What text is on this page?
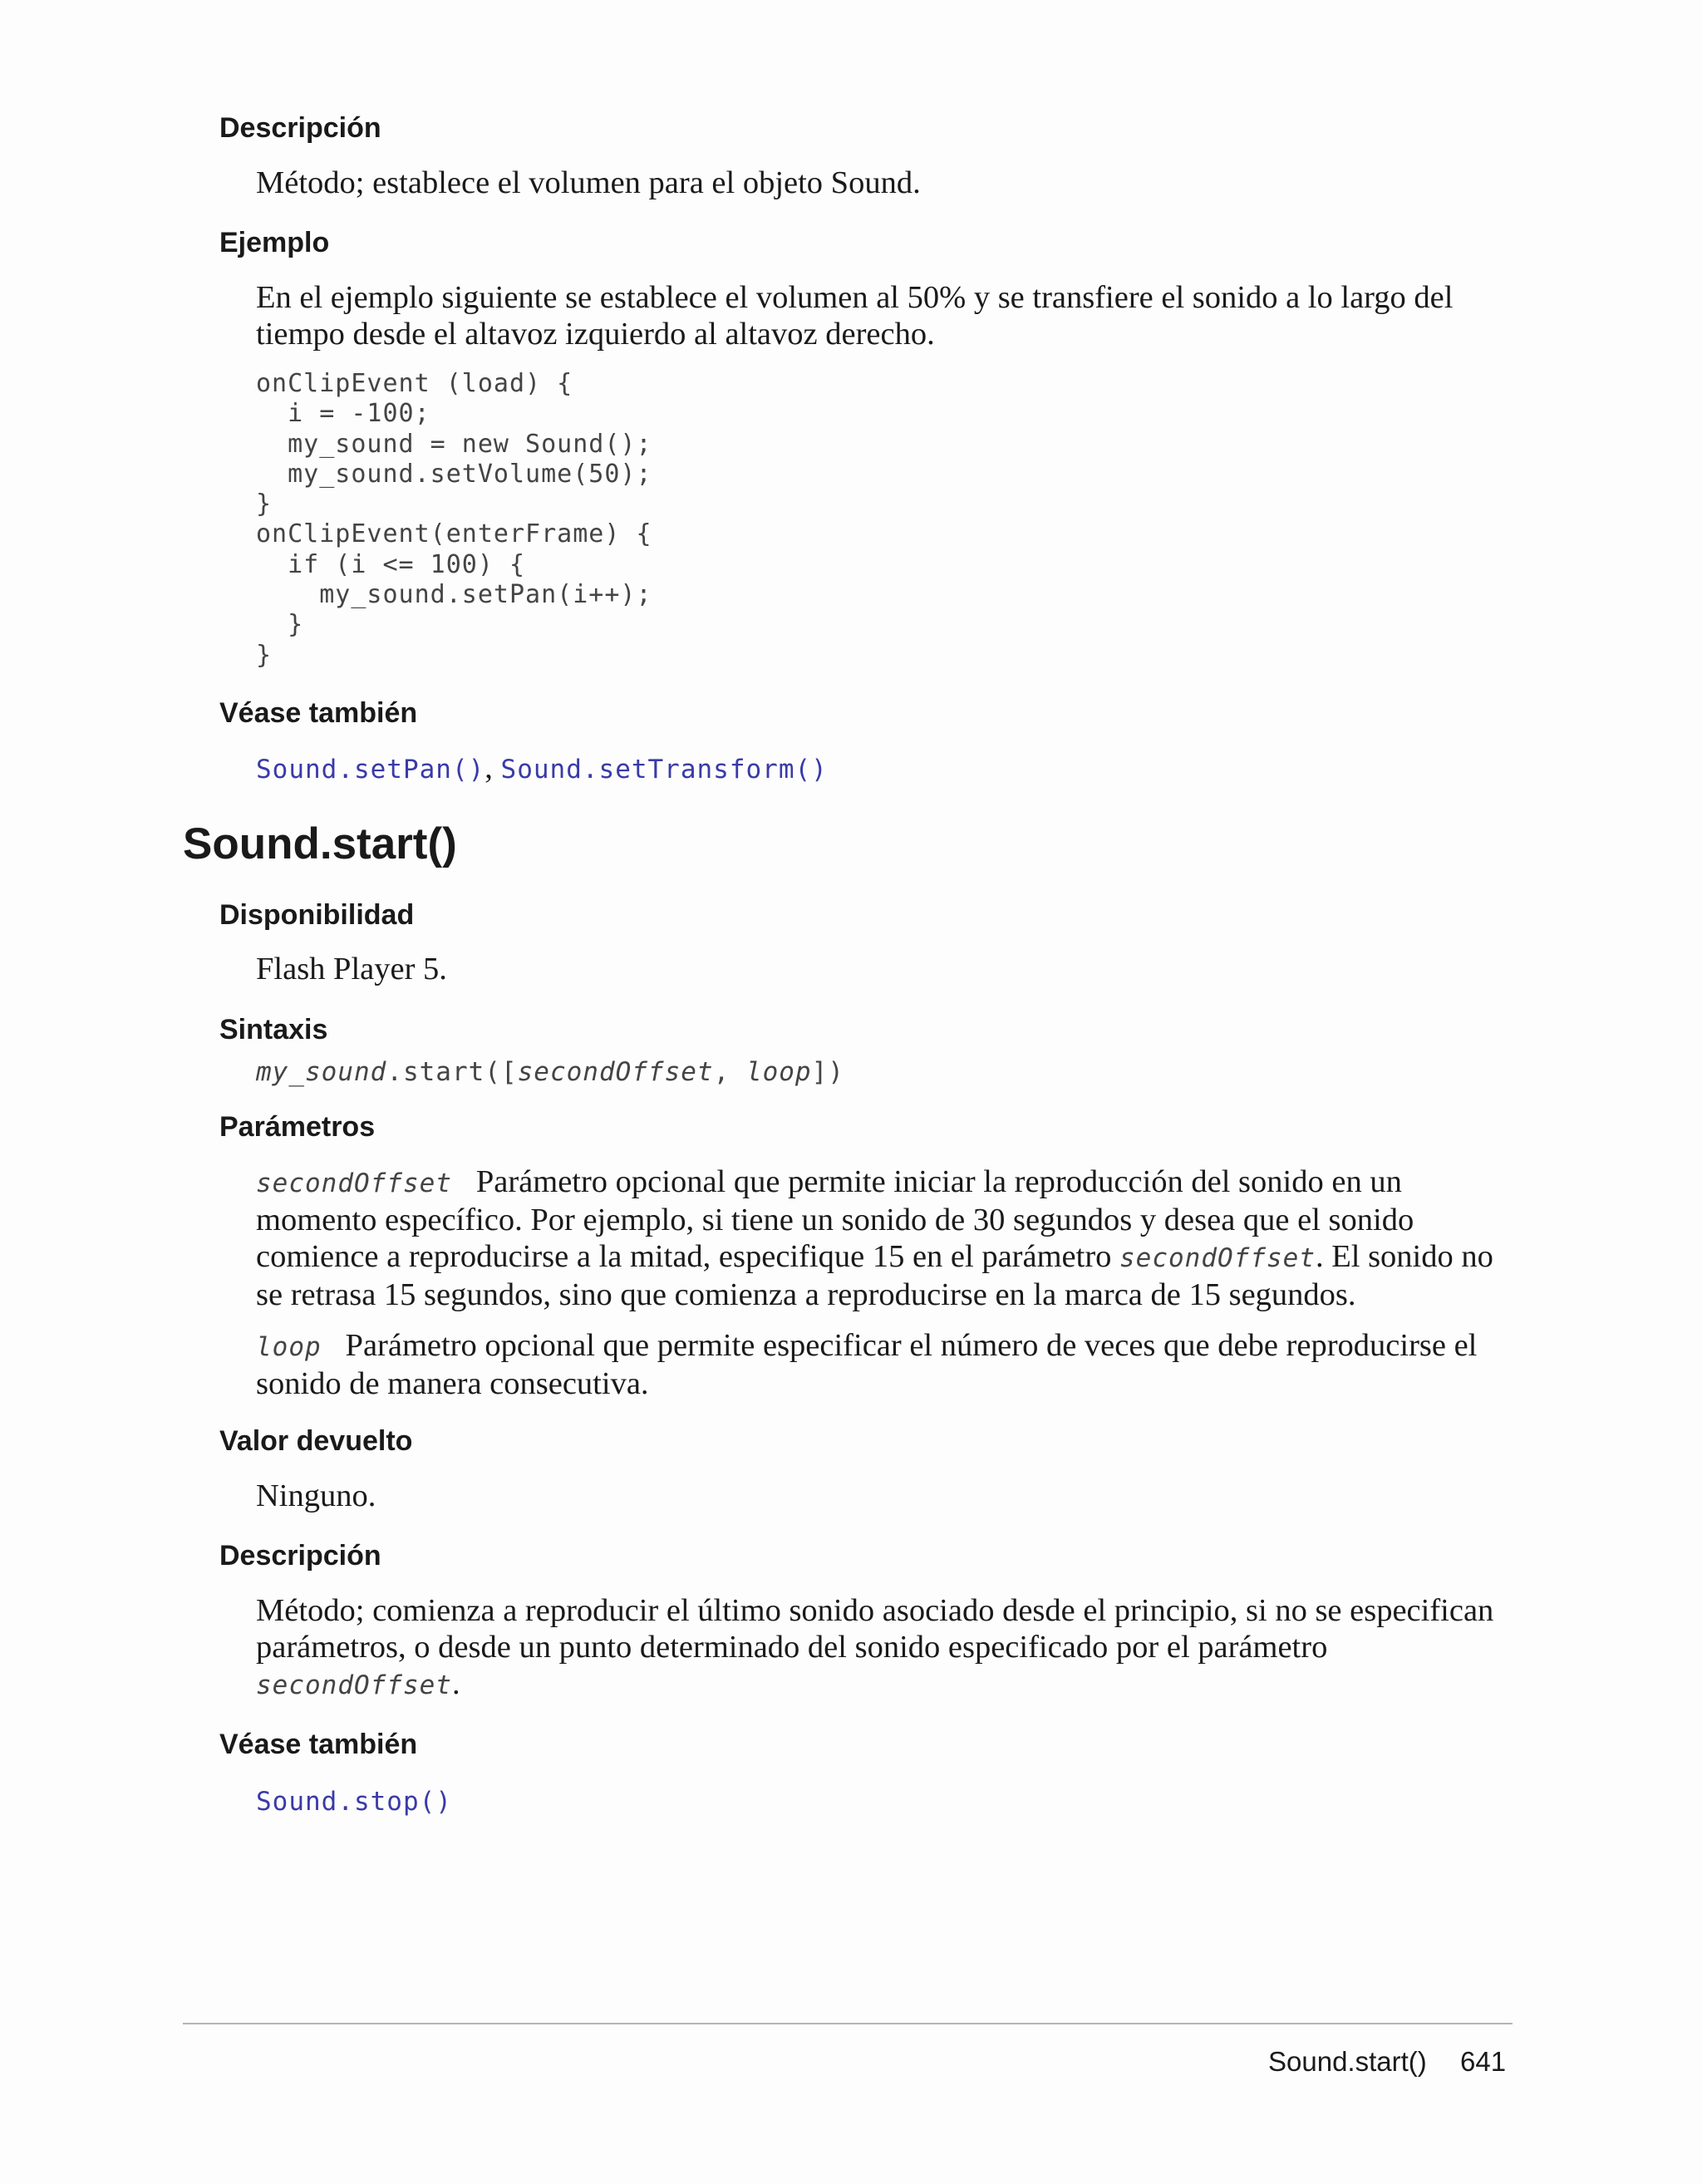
Descripción

Método; establece el volumen para el objeto Sound.

Ejemplo

En el ejemplo siguiente se establece el volumen al 50% y se transfiere el sonido a lo largo del tiempo desde el altavoz izquierdo al altavoz derecho.

onClipEvent (load) {
i = -100;
my_sound = new Sound();
my_sound.setVolume(50);
}
onClipEvent(enterFrame) {
if (i <= 100) {
my_sound.setPan(i++);
}
}
Véase también
Sound.setPan(), Sound.setTransform()
Sound.start()
Disponibilidad

Flash Player 5.

Sintaxis
my_sound.start([secondOffset, loop])
Parámetros

secondOffset Parámetro opcional que permite iniciar la reproducción del sonido en un momento específico. Por ejemplo, si tiene un sonido de 30 segundos y desea que el sonido comience a reproducirse a la mitad, especifique 15 en el parámetro secondOffset. El sonido no se retrasa 15 segundos, sino que comienza a reproducirse en la marca de 15 segundos.

loop Parámetro opcional que permite especificar el número de veces que debe reproducirse el sonido de manera consecutiva.

Valor devuelto

Ninguno.

Descripción

Método; comienza a reproducir el último sonido asociado desde el principio, si no se especifican parámetros, o desde un punto determinado del sonido especificado por el parámetro secondOffset.

Véase también
Sound.stop()
Sound.start() 641
